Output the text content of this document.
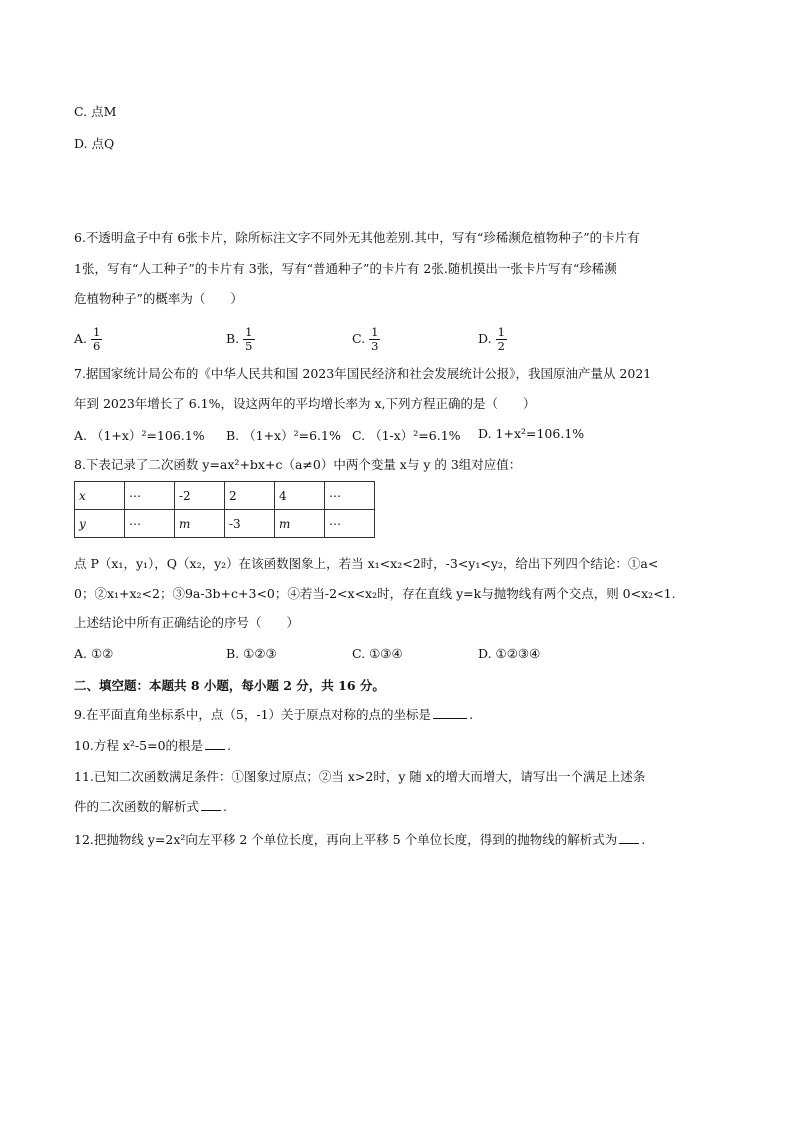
C. 点M
D. 点Q
6.不透明盒子中有 6张卡片，除所标注文字不同外无其他差别.其中，写有“珍稀濒危植物种子”的卡片有
1张，写有“人工种子”的卡片有 3张，写有“普通种子”的卡片有 2张.随机摸出一张卡片写有“珍稀濒
危植物种子”的概率为（　　）
A. $\frac{1}{6}$	B. $\frac{1}{5}$	C. $\frac{1}{3}$	D. $\frac{1}{2}$
7.据国家统计局公布的《中华人民共和国 2023年国民经济和社会发展统计公报》，我国原油产量从 2021
年到 2023年增长了 6.1%，设这两年的平均增长率为 x,下列方程正确的是（　　）
A. （1+x）²=106.1% B. （1+x）²=6.1% C. （1-x）²=6.1% D. 1+x²=106.1%
8.下表记录了二次函数 y=ax²+bx+c（a≠0）中两个变量 x与 y 的 3组对应值：
x	⋯	-2	2	4	⋯
y	⋯	m	-3	m	⋯
点 P（x₁，y₁），Q（x₂，y₂）在该函数图象上，若当 x₁<x₂<2时，-3<y₁<y₂，给出下列四个结论：①a<
0；②x₁+x₂<2；③9a-3b+c+3<0；④若当-2<x<x₂时，存在直线 y=k与抛物线有两个交点，则 0<x₂<1.
上述结论中所有正确结论的序号（　　）
A. ①②	B. ①②③	C. ①③④	D. ①②③④
二、填空题：本题共 8 小题，每小题 2 分，共 16 分。
9.在平面直角坐标系中，点（5，-1）关于原点对称的点的坐标是	.
10.方程 x²-5=0的根是 .
11.已知二次函数满足条件：①图象过原点；②当 x>2时，y 随 x的增大而增大，请写出一个满足上述条
件的二次函数的解析式 .
12.把抛物线 y=2x²向左平移 2 个单位长度，再向上平移 5 个单位长度，得到的抛物线的解析式为 .
